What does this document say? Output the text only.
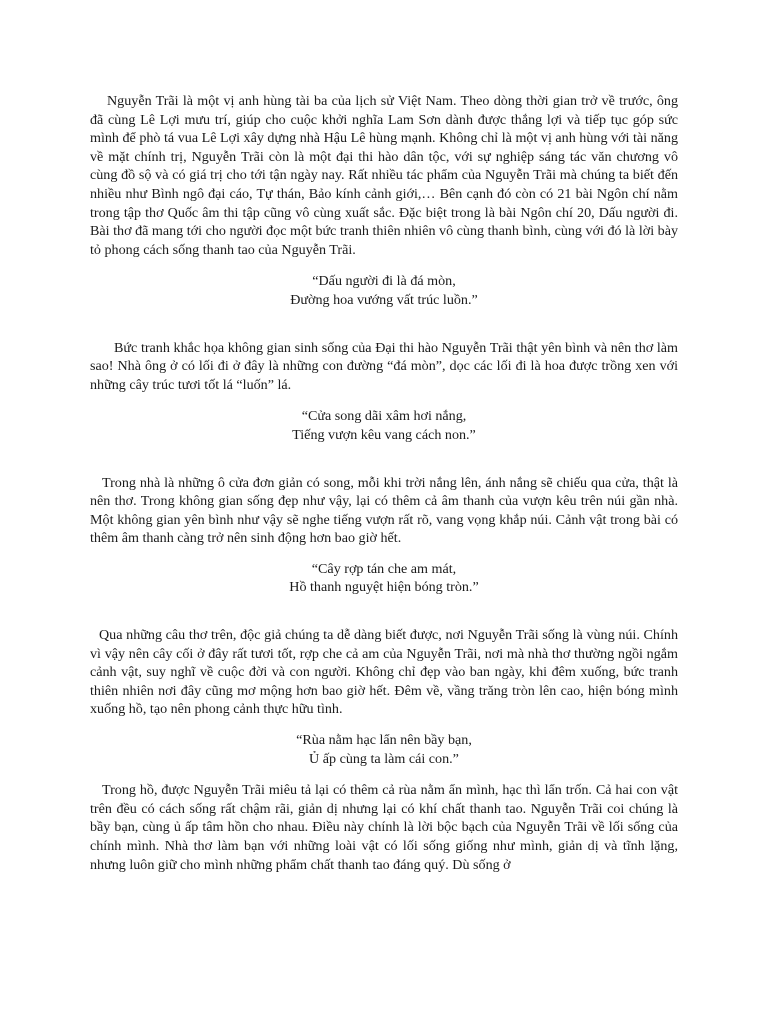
Nguyễn Trãi là một vị anh hùng tài ba của lịch sử Việt Nam. Theo dòng thời gian trở về trước, ông đã cùng Lê Lợi mưu trí, giúp cho cuộc khởi nghĩa Lam Sơn dành được thắng lợi và tiếp tục góp sức mình để phò tá vua Lê Lợi xây dựng nhà Hậu Lê hùng mạnh. Không chỉ là một vị anh hùng với tài năng về mặt chính trị, Nguyễn Trãi còn là một đại thi hào dân tộc, với sự nghiệp sáng tác văn chương vô cùng đồ sộ và có giá trị cho tới tận ngày nay. Rất nhiều tác phẩm của Nguyễn Trãi mà chúng ta biết đến nhiều như Bình ngô đại cáo, Tự thán, Bảo kính cảnh giới,… Bên cạnh đó còn có 21 bài Ngôn chí nằm trong tập thơ Quốc âm thi tập cũng vô cùng xuất sắc. Đặc biệt trong là bài Ngôn chí 20, Dấu người đi. Bài thơ đã mang tới cho người đọc một bức tranh thiên nhiên vô cùng thanh bình, cùng với đó là lời bày tỏ phong cách sống thanh tao của Nguyễn Trãi.

“Dấu người đi là đá mòn,
Đường hoa vướng vất trúc luồn.”

Bức tranh khắc họa không gian sinh sống của Đại thi hào Nguyễn Trãi thật yên bình và nên thơ làm sao! Nhà ông ở có lối đi ở đây là những con đường “đá mòn”, dọc các lối đi là hoa được trồng xen với những cây trúc tươi tốt lá “luốn” lá.

“Cửa song dãi xâm hơi nắng,
Tiếng vượn kêu vang cách non.”

Trong nhà là những ô cửa đơn giản có song, mỗi khi trời nắng lên, ánh nắng sẽ chiếu qua cửa, thật là nên thơ. Trong không gian sống đẹp như vậy, lại có thêm cả âm thanh của vượn kêu trên núi gần nhà. Một không gian yên bình như vậy sẽ nghe tiếng vượn rất rõ, vang vọng khắp núi. Cảnh vật trong bài có thêm âm thanh càng trở nên sinh động hơn bao giờ hết.

“Cây rợp tán che am mát,
Hồ thanh nguyệt hiện bóng tròn.”

Qua những câu thơ trên, độc giả chúng ta dễ dàng biết được, nơi Nguyễn Trãi sống là vùng núi. Chính vì vậy nên cây cối ở đây rất tươi tốt, rợp che cả am của Nguyễn Trãi, nơi mà nhà thơ thường ngồi ngắm cảnh vật, suy nghĩ về cuộc đời và con người. Không chỉ đẹp vào ban ngày, khi đêm xuống, bức tranh thiên nhiên nơi đây cũng mơ mộng hơn bao giờ hết. Đêm về, vầng trăng tròn lên cao, hiện bóng mình xuống hồ, tạo nên phong cảnh thực hữu tình.

“Rùa nằm hạc lẩn nên bầy bạn,
Ủ ấp cùng ta làm cái con.”

Trong hồ, được Nguyễn Trãi miêu tả lại có thêm cả rùa nằm ẩn mình, hạc thì lẩn trốn. Cả hai con vật trên đều có cách sống rất chậm rãi, giản dị nhưng lại có khí chất thanh tao. Nguyễn Trãi coi chúng là bầy bạn, cùng ủ ấp tâm hồn cho nhau. Điều này chính là lời bộc bạch của Nguyễn Trãi về lối sống của chính mình. Nhà thơ làm bạn với những loài vật có lối sống giống như mình, giản dị và tĩnh lặng, nhưng luôn giữ cho mình những phẩm chất thanh tao đáng quý. Dù sống ở
